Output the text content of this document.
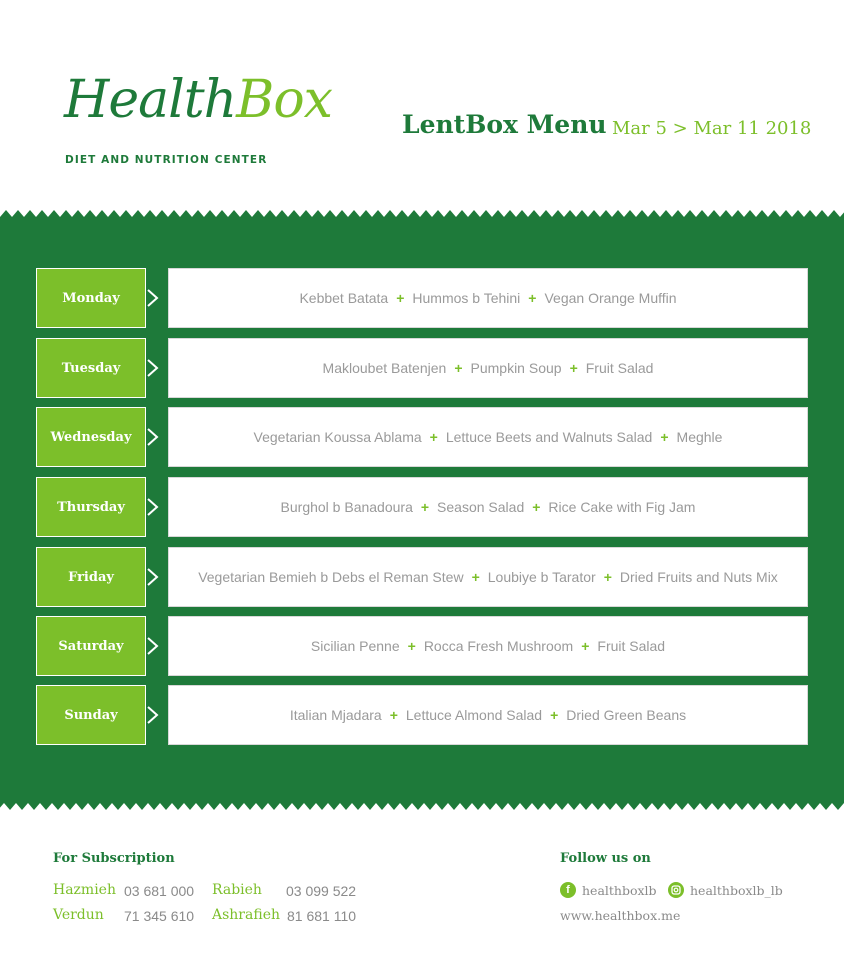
HealthBox
DIET AND NUTRITION CENTER
LentBox Menu Mar 5 > Mar 11 2018
Monday	Kebbet Batata + Hummos b Tehini + Vegan Orange Muffin
Tuesday	Makloubet Batenjen + Pumpkin Soup + Fruit Salad
Wednesday	Vegetarian Koussa Ablama + Lettuce Beets and Walnuts Salad + Meghle
Thursday	Burghol b Banadoura + Season Salad + Rice Cake with Fig Jam
Friday	Vegetarian Bemieh b Debs el Reman Stew + Loubiye b Tarator + Dried Fruits and Nuts Mix
Saturday	Sicilian Penne + Rocca Fresh Mushroom + Fruit Salad
Sunday	Italian Mjadara + Lettuce Almond Salad + Dried Green Beans
For Subscription
Hazmieh 03 681 000 Rabieh 03 099 522
Verdun 71 345 610 Ashrafieh 81 681 110
Follow us on
f healthboxlb	healthboxlb_lb
www.healthbox.me
